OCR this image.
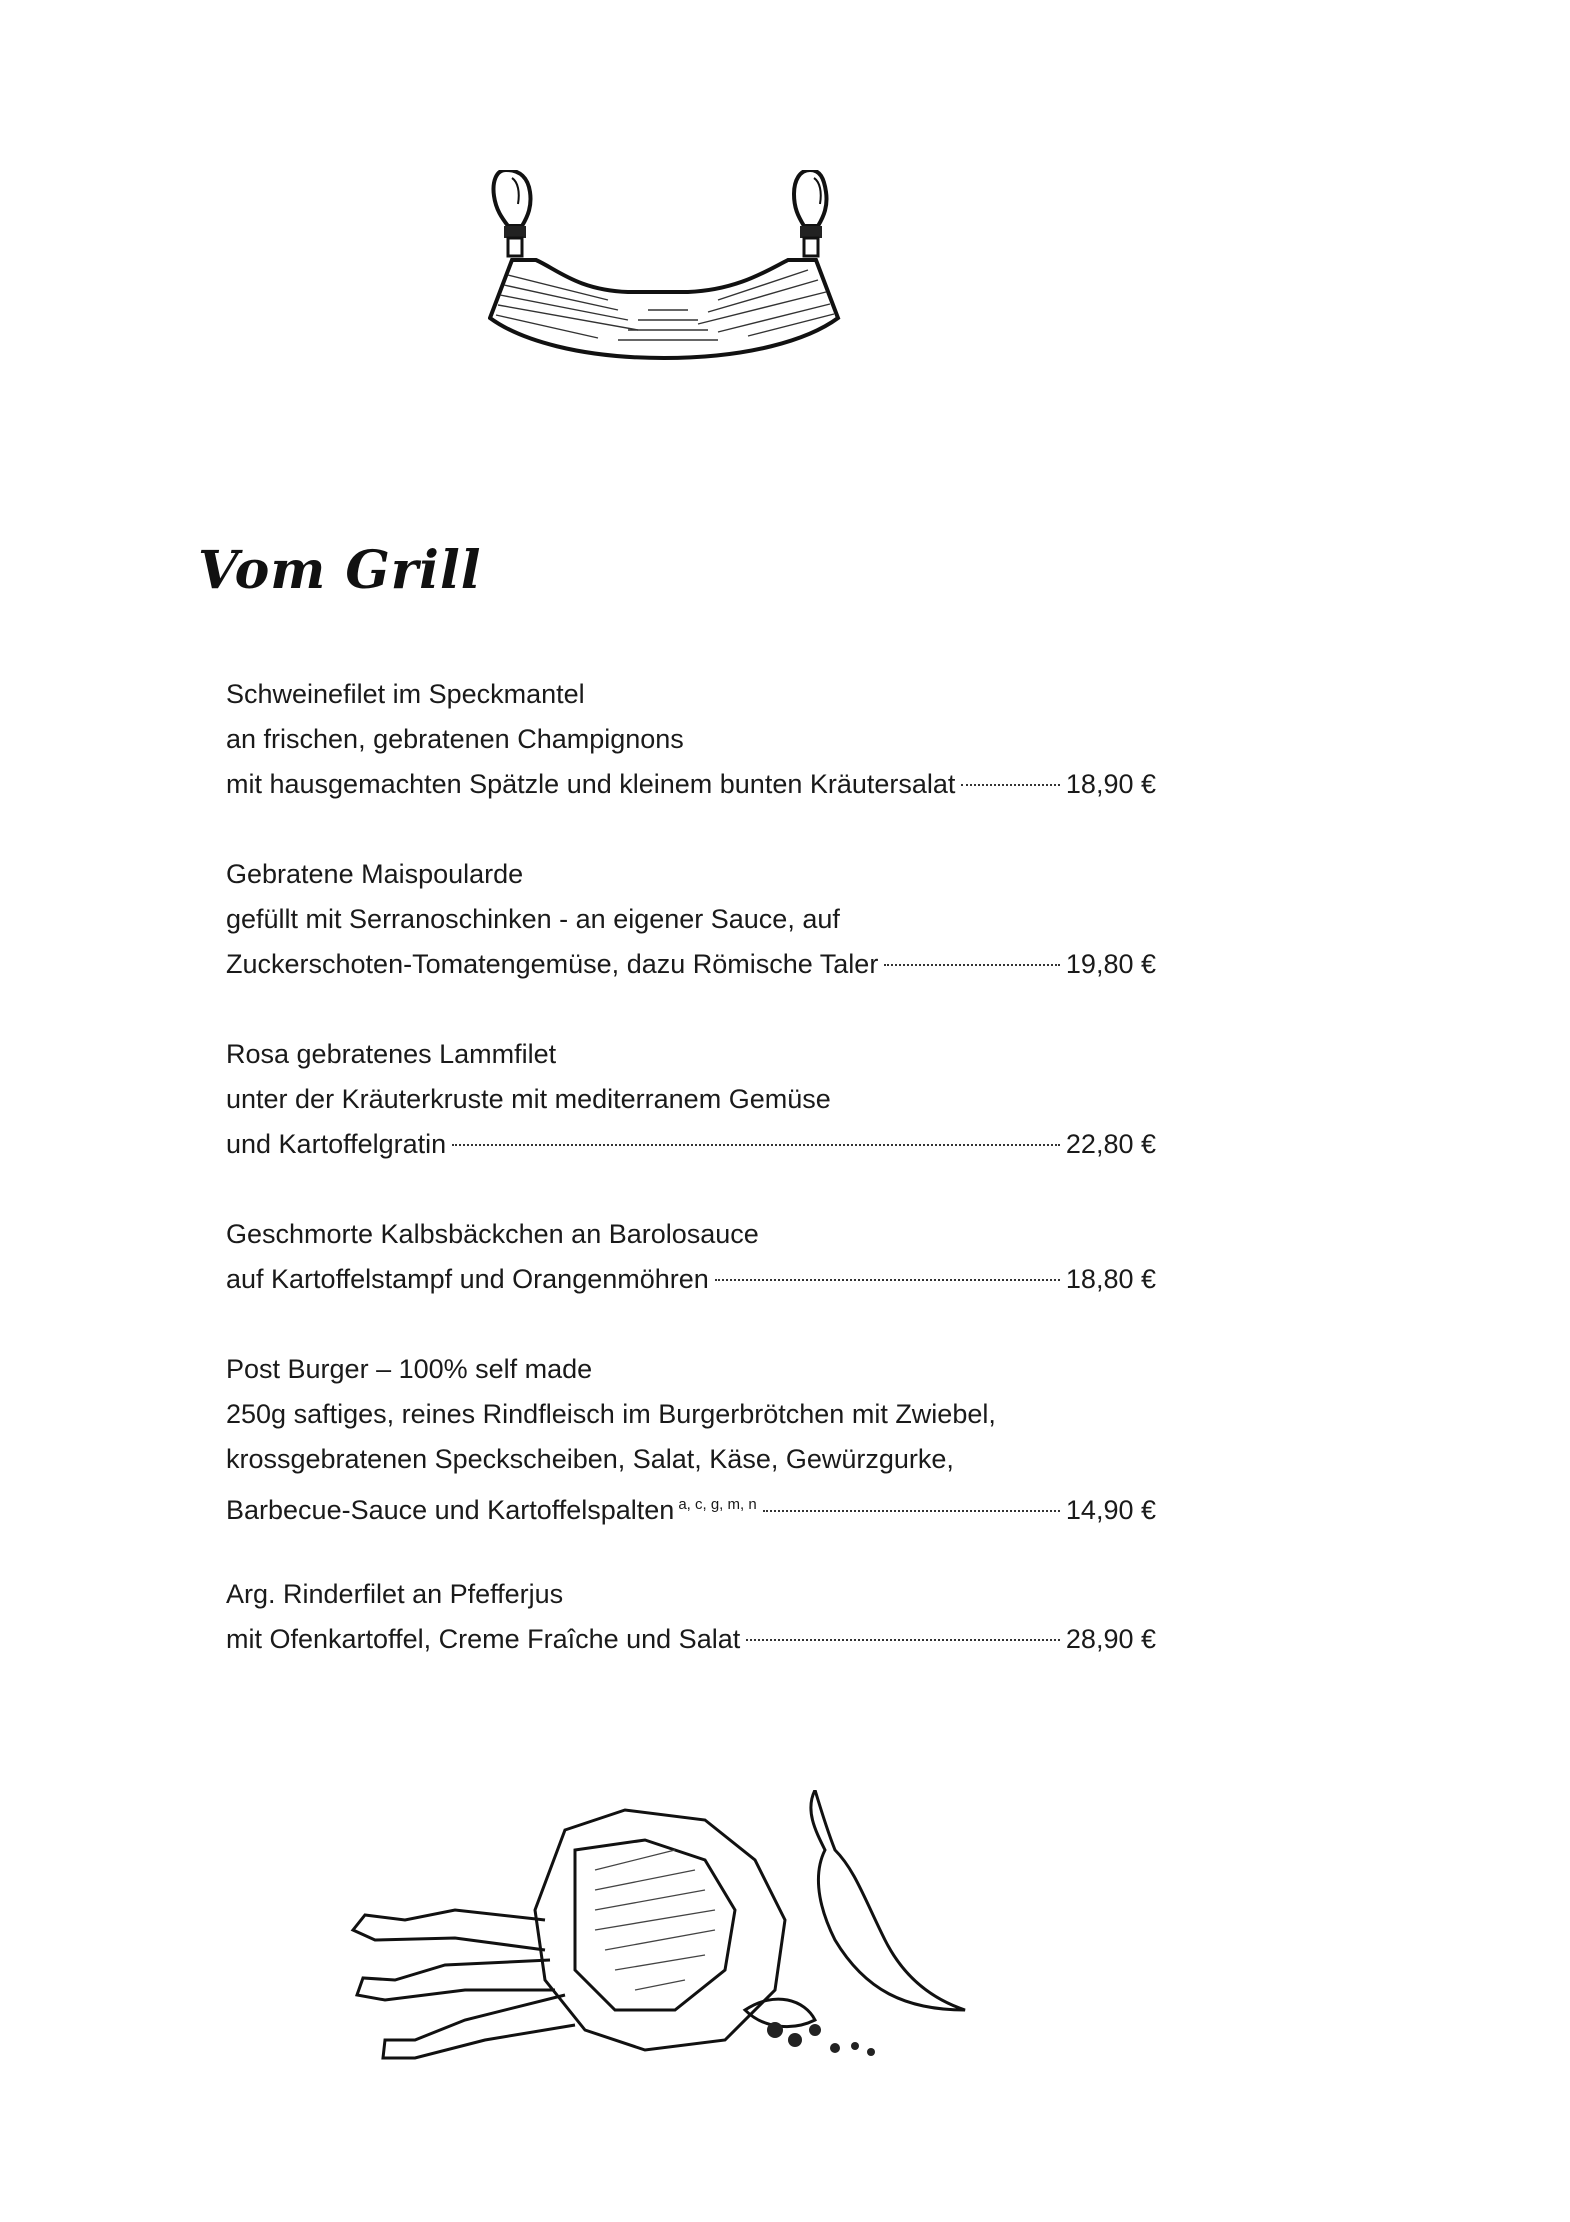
Vom Grill
Schweinefilet im Speckmantel
an frischen, gebratenen Champignons
mit hausgemachten Spätzle und kleinem bunten Kräutersalat	18,90 €
Gebratene Maispoularde
gefüllt mit Serranoschinken - an eigener Sauce, auf
Zuckerschoten-Tomatengemüse, dazu Römische Taler	19,80 €
Rosa gebratenes Lammfilet
unter der Kräuterkruste mit mediterranem Gemüse
und Kartoffelgratin	22,80 €
Geschmorte Kalbsbäckchen an Barolosauce
auf Kartoffelstampf und Orangenmöhren	18,80 €
Post Burger – 100% self made
250g saftiges, reines Rindfleisch im Burgerbrötchen mit Zwiebel,
krossgebratenen Speckscheiben, Salat, Käse, Gewürzgurke,
Barbecue-Sauce und Kartoffelspalten $^{a, c, g, m, n}$	14,90 €
Arg. Rinderfilet an Pfefferjus
mit Ofenkartoffel, Creme Fraîche und Salat	28,90 €
